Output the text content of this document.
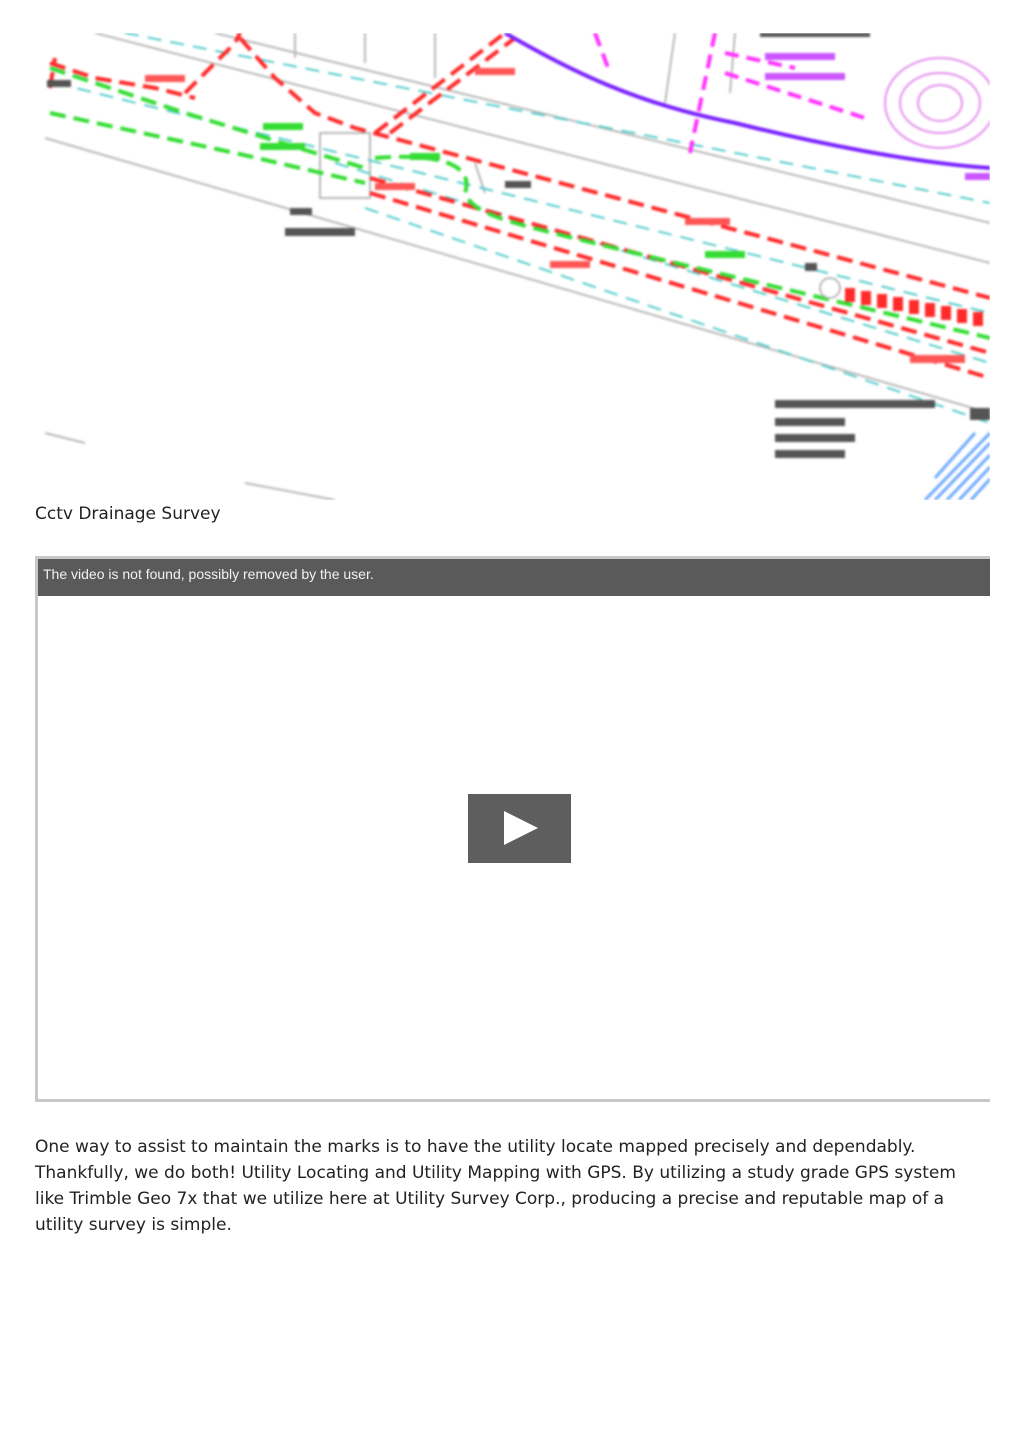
Cctv Drainage Survey
The video is not found, possibly removed by the user.

One way to assist to maintain the marks is to have the utility locate mapped precisely and dependably. Thankfully, we do both! Utility Locating and Utility Mapping with GPS. By utilizing a study grade GPS system like Trimble Geo 7x that we utilize here at Utility Survey Corp., producing a precise and reputable map of a utility survey is simple.
